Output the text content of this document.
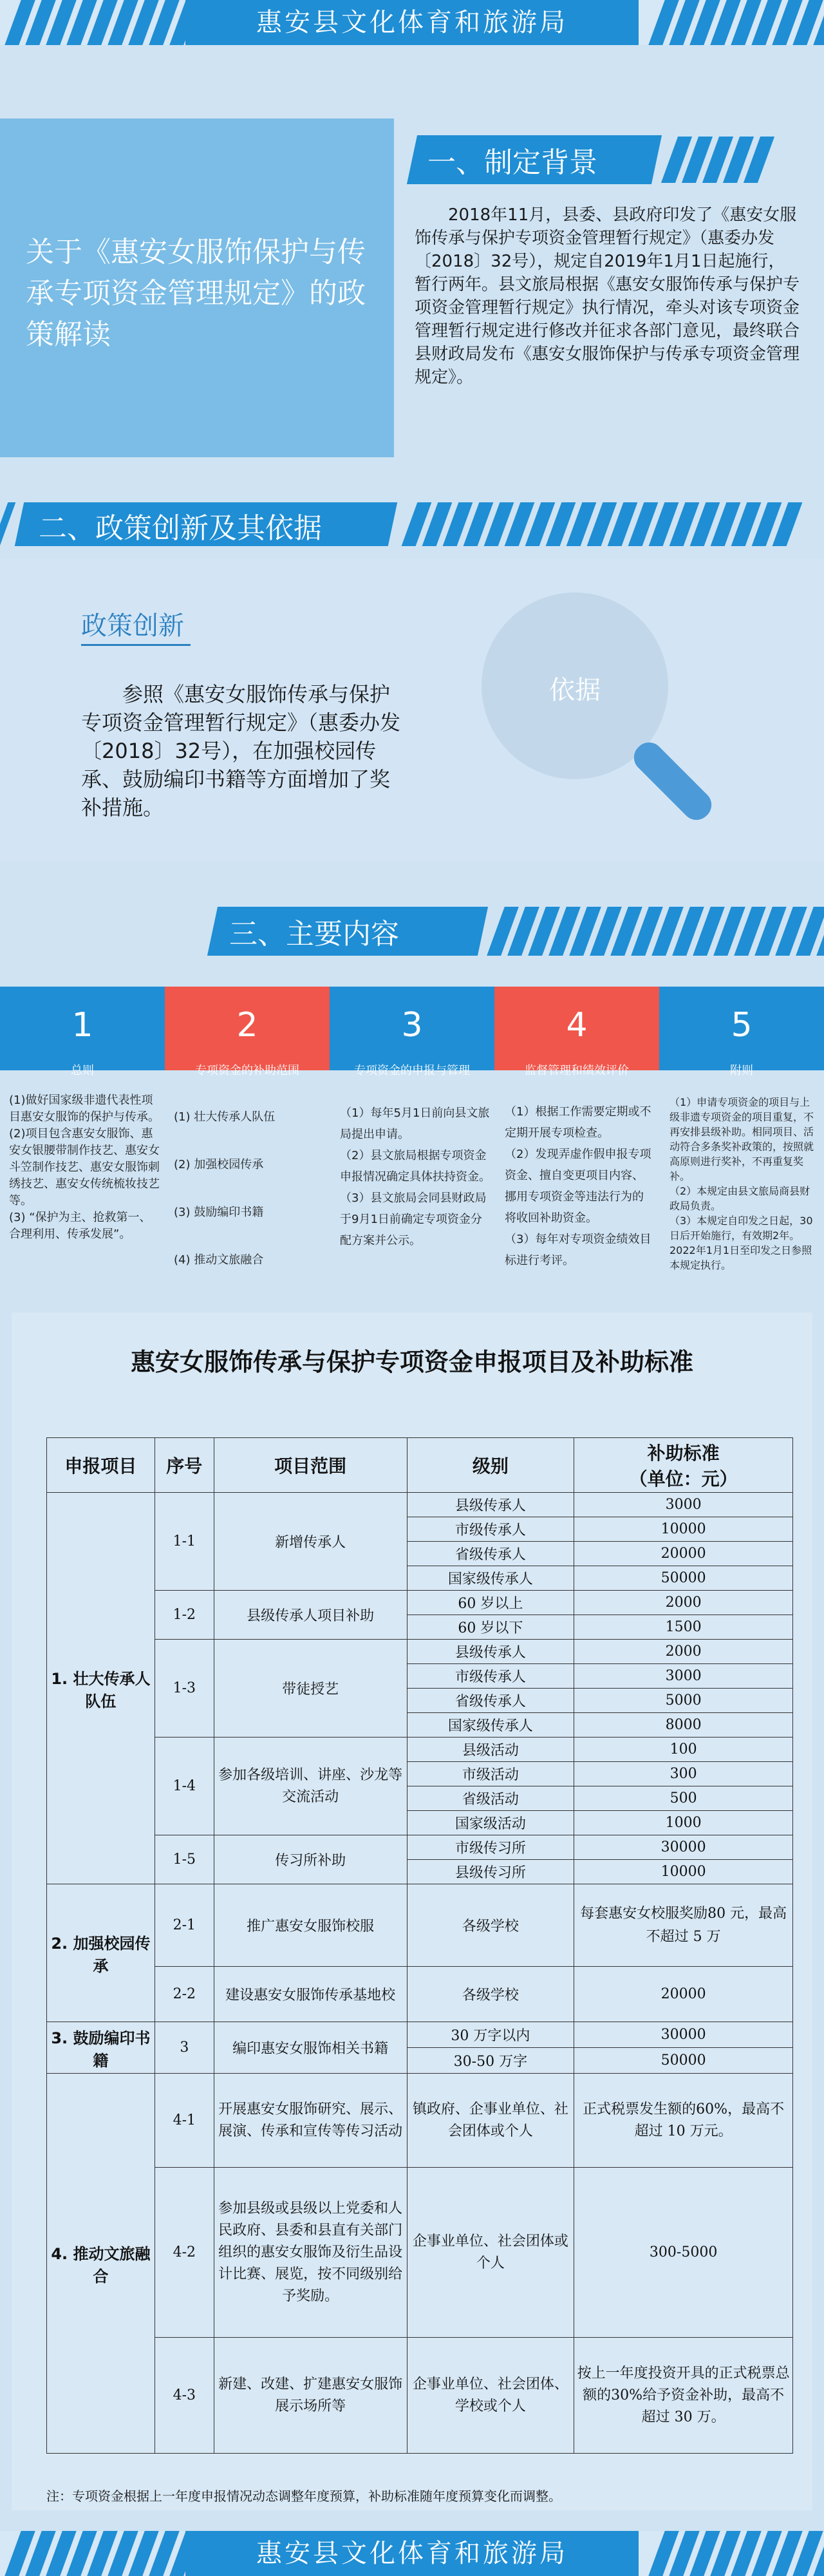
惠安县文化体育和旅游局
关于《惠安女服饰保护与传承专项资金管理规定》的政策解读
一、制定背景

2018年11月，县委、县政府印发了《惠安女服饰传承与保护专项资金管理暂行规定》（惠委办发〔2018〕32号），规定自2019年1月1日起施行，暂行两年。县文旅局根据《惠安女服饰传承与保护专项资金管理暂行规定》执行情况，牵头对该专项资金管理暂行规定进行修改并征求各部门意见，最终联合县财政局发布《惠安女服饰保护与传承专项资金管理规定》。

二、政策创新及其依据
政策创新

参照《惠安女服饰传承与保护专项资金管理暂行规定》（惠委办发〔2018〕32号），在加强校园传承、鼓励编印书籍等方面增加了奖补措施。

依据
三、主要内容
1
总则
2
专项资金的补助范围
3
专项资金的申报与管理
4
监督管理和绩效评价
5
附则
(1)做好国家级非遗代表性项目惠安女服饰的保护与传承。
(2)项目包含惠安女服饰、惠安女银腰带制作技艺、惠安女斗笠制作技艺、惠安女服饰刺绣技艺、惠安女传统梳妆技艺等。
(3) “保护为主、抢救第一、合理利用、传承发展”。
(1) 壮大传承人队伍

(2) 加强校园传承

(3) 鼓励编印书籍

(4) 推动文旅融合
（1）每年5月1日前向县文旅局提出申请。
（2）县文旅局根据专项资金申报情况确定具体扶持资金。
（3）县文旅局会同县财政局于9月1日前确定专项资金分配方案并公示。
（1）根据工作需要定期或不定期开展专项检查。
（2）发现弄虚作假申报专项资金、擅自变更项目内容、挪用专项资金等违法行为的将收回补助资金。
（3）每年对专项资金绩效目标进行考评。
（1）申请专项资金的项目与上级非遗专项资金的项目重复，不再安排县级补助。相同项目、活动符合多条奖补政策的，按照就高原则进行奖补，不再重复奖补。
（2）本规定由县文旅局商县财政局负责。
（3）本规定自印发之日起，30日后开始施行，有效期2年。2022年1月1日至印发之日参照本规定执行。
惠安女服饰传承与保护专项资金申报项目及补助标准
申报项目	序号	项目范围	级别	补助标准
（单位：元）
1. 壮大传承人队伍	1-1	新增传承人	县级传承人	3000
			市级传承人	10000
			省级传承人	20000
			国家级传承人	50000
	1-2	县级传承人项目补助	60 岁以上	2000
			60 岁以下	1500
	1-3	带徒授艺	县级传承人	2000
			市级传承人	3000
			省级传承人	5000
			国家级传承人	8000
	1-4	参加各级培训、讲座、沙龙等交流活动	县级活动	100
			市级活动	300
			省级活动	500
			国家级活动	1000
	1-5	传习所补助	市级传习所	30000
			县级传习所	10000
2. 加强校园传承	2-1	推广惠安女服饰校服	各级学校	每套惠安女校服奖励80 元，最高不超过 5 万
	2-2	建设惠安女服饰传承基地校	各级学校	20000
3. 鼓励编印书籍	3	编印惠安女服饰相关书籍	30 万字以内	30000
			30-50 万字	50000
4. 推动文旅融合	4-1	开展惠安女服饰研究、展示、展演、传承和宣传等传习活动	镇政府、企事业单位、社会团体或个人	正式税票发生额的60%，最高不超过 10 万元。
	4-2	参加县级或县级以上党委和人民政府、县委和县直有关部门组织的惠安女服饰及衍生品设计比赛、展览，按不同级别给予奖励。	企事业单位、社会团体或个人	300-5000
	4-3	新建、改建、扩建惠安女服饰展示场所等	企事业单位、社会团体、学校或个人	按上一年度投资开具的正式税票总额的30%给予资金补助，最高不超过 30 万。
注：专项资金根据上一年度申报情况动态调整年度预算，补助标准随年度预算变化而调整。
惠安县文化体育和旅游局
